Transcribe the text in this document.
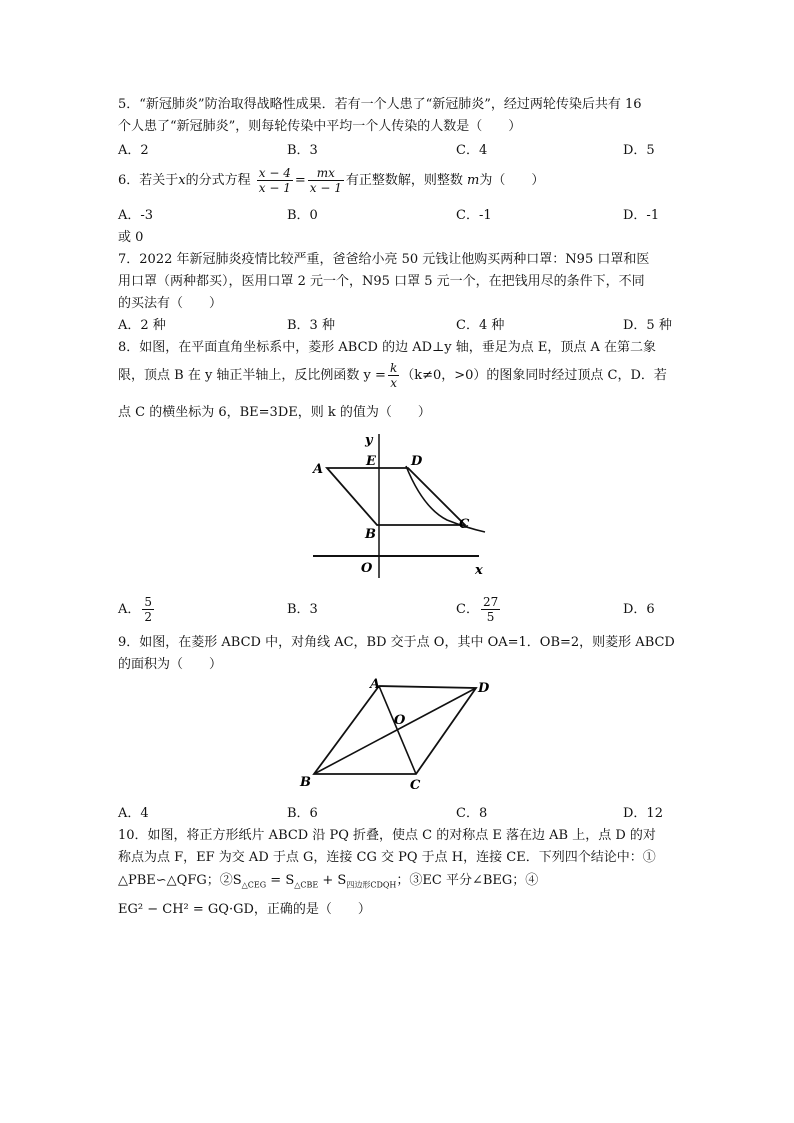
5．“新冠肺炎”防治取得战略性成果．若有一个人患了“新冠肺炎”，经过两轮传染后共有 16
个人患了“新冠肺炎”，则每轮传染中平均一个人传染的人数是（　　）
A．2	B．3	C．4	D．5
6．若关于x的分式方程 $\frac{x - 4}{x - 1} = \frac{mx}{x - 1}$ 有正整数解，则整数 m为（　　）
A．-3	B．0	C．-1	D．-1
或 0
7．2022 年新冠肺炎疫情比较严重，爸爸给小亮 50 元钱让他购买两种口罩：N95 口罩和医
用口罩（两种都买），医用口罩 2 元一个，N95 口罩 5 元一个，在把钱用尽的条件下，不同
的买法有（　　）
A．2 种	B．3 种	C．4 种	D．5 种
8．如图，在平面直角坐标系中，菱形 ABCD 的边 AD⊥y 轴，垂足为点 E，顶点 A 在第二象
限，顶点 B 在 y 轴正半轴上，反比例函数 $y = \frac{k}{x} (k\ne 0$，>0）的图象同时经过顶点 C，D．若
点 C 的横坐标为 6，BE=3DE，则 k 的值为（　　）
y
A
E	D
B
C
O	x
A． $\frac{5}{2}$	B．3	C． $\frac{27}{5}$	D．6
9．如图，在菱形 ABCD 中，对角线 AC，BD 交于点 O，其中 OA=1．OB=2，则菱形 ABCD
的面积为（　　）
A	D
O
B	C
A．4	B．6	C．8	D．12
10．如图，将正方形纸片 ABCD 沿 PQ 折叠，使点 C 的对称点 E 落在边 AB 上，点 D 的对
称点为点 F，EF 为交 AD 于点 G，连接 CG 交 PQ 于点 H，连接 CE．下列四个结论中：①
△PBE∽△QFG；$②S_{\triangle CEG} = S_{\triangle CBE} + S_{四边形CDQH}$；③EC 平分∠BEG；④
EG² − CH² = GQ·GD，正确的是（　　）
